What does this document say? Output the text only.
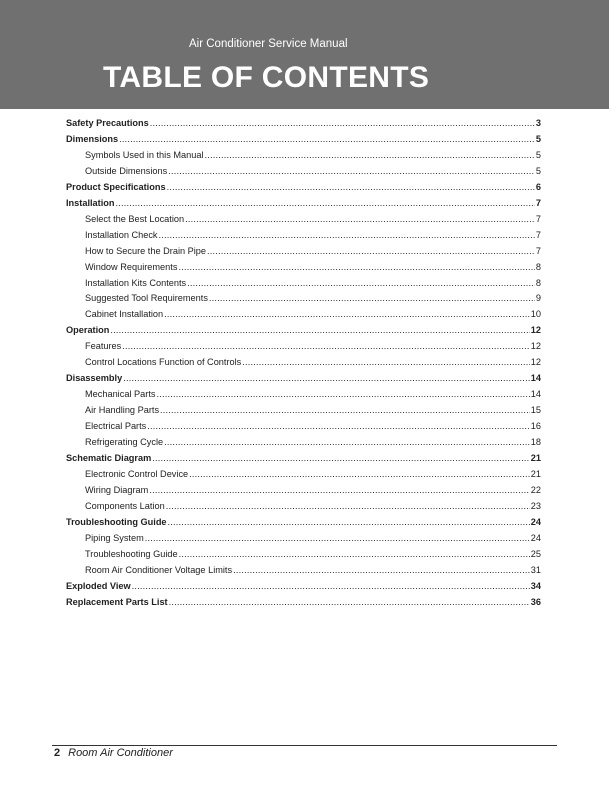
Air Conditioner Service Manual
TABLE OF CONTENTS
Safety Precautions .....	3
Dimensions .....	5
Symbols Used in this Manual .....	5
Outside Dimensions .....	5
Product Specifications .....	6
Installation .....	7
Select the Best Location .....	7
Installation Check .....	7
How to Secure the Drain Pipe .....	7
Window Requirements .....	8
Installation Kits Contents .....	8
Suggested Tool Requirements .....	9
Cabinet Installation .....	10
Operation .....	12
Features .....	12
Control Locations Function of Controls .....	12
Disassembly .....	14
Mechanical Parts .....	14
Air Handling Parts .....	15
Electrical Parts .....	16
Refrigerating Cycle .....	18
Schematic Diagram .....	21
Electronic Control Device .....	21
Wiring Diagram .....	22
Components Lation .....	23
Troubleshooting Guide .....	24
Piping System .....	24
Troubleshooting Guide .....	25
Room Air Conditioner Voltage Limits .....	31
Exploded View .....	34
Replacement Parts List .....	36
2 Room Air Conditioner
